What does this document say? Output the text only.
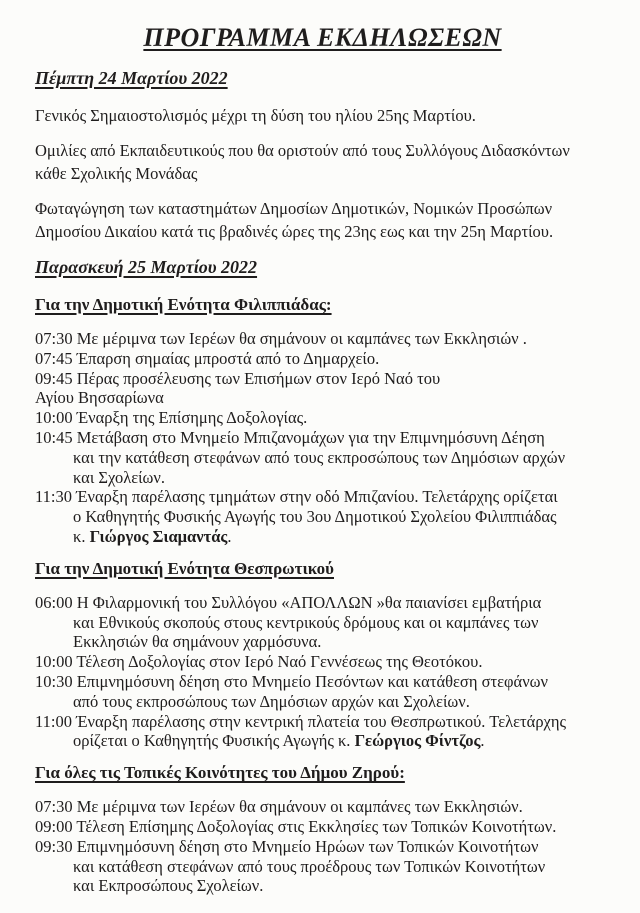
ΠΡΟΓΡΑΜΜΑ ΕΚΔΗΛΩΣΕΩΝ
Πέμπτη 24 Μαρτίου 2022
Γενικός Σημαιοστολισμός μέχρι τη δύση του ηλίου 25ης Μαρτίου.
Ομιλίες από Εκπαιδευτικούς που θα οριστούν από τους Συλλόγους Διδασκόντων
κάθε Σχολικής Μονάδας
Φωταγώγηση των καταστημάτων Δημοσίων Δημοτικών, Νομικών Προσώπων
Δημοσίου Δικαίου κατά τις βραδινές ώρες της 23ης εως και την 25η Μαρτίου.
Παρασκευή 25 Μαρτίου 2022
Για την Δημοτική Ενότητα Φιλιππιάδας:
07:30 Με μέριμνα των Ιερέων θα σημάνουν οι καμπάνες των Εκκλησιών .
07:45 Έπαρση σημαίας μπροστά από το Δημαρχείο.
09:45 Πέρας προσέλευσης των Επισήμων στον Ιερό Ναό του
Αγίου Βησσαρίωνα
10:00 Έναρξη της Επίσημης Δοξολογίας.
10:45 Μετάβαση στο Μνημείο Μπιζανομάχων για την Επιμνημόσυνη Δέηση
και την κατάθεση στεφάνων από τους εκπροσώπους των Δημόσιων αρχών
και Σχολείων.
11:30 Έναρξη παρέλασης τμημάτων στην οδό Μπιζανίου. Τελετάρχης ορίζεται
ο Καθηγητής Φυσικής Αγωγής του 3ου Δημοτικού Σχολείου Φιλιππιάδας
κ. Γιώργος Σιαμαντάς.
Για την Δημοτική Ενότητα Θεσπρωτικού
06:00 Η Φιλαρμονική του Συλλόγου «ΑΠΟΛΛΩΝ »θα παιανίσει εμβατήρια
και Εθνικούς σκοπούς στους κεντρικούς δρόμους και οι καμπάνες των
Εκκλησιών θα σημάνουν χαρμόσυνα.
10:00 Τέλεση Δοξολογίας στον Ιερό Ναό Γεννέσεως της Θεοτόκου.
10:30 Επιμνημόσυνη δέηση στο Μνημείο Πεσόντων και κατάθεση στεφάνων
από τους εκπροσώπους των Δημόσιων αρχών και Σχολείων.
11:00 Έναρξη παρέλασης στην κεντρική πλατεία του Θεσπρωτικού. Τελετάρχης
ορίζεται ο Καθηγητής Φυσικής Αγωγής κ. Γεώργιος Φίντζος.
Για όλες τις Τοπικές Κοινότητες του Δήμου Ζηρού:
07:30 Με μέριμνα των Ιερέων θα σημάνουν οι καμπάνες των Εκκλησιών.
09:00 Τέλεση Επίσημης Δοξολογίας στις Εκκλησίες των Τοπικών Κοινοτήτων.
09:30 Επιμνημόσυνη δέηση στο Μνημείο Ηρώων των Τοπικών Κοινοτήτων
και κατάθεση στεφάνων από τους προέδρους των Τοπικών Κοινοτήτων
και Εκπροσώπους Σχολείων.
